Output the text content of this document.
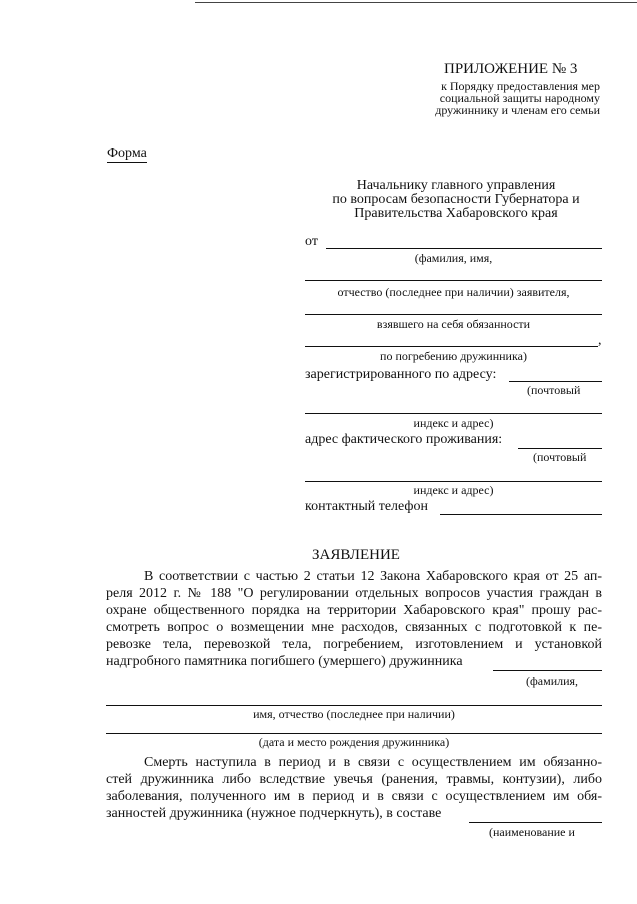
ПРИЛОЖЕНИЕ № 3
к Порядку предоставления мер
социальной защиты народному
дружиннику и членам его семьи
Форма
Начальнику главного управления
по вопросам безопасности Губернатора и
Правительства Хабаровского края
от
(фамилия, имя,
отчество (последнее при наличии) заявителя,
взявшего на себя обязанности
,
по погребению дружинника)
зарегистрированного по адресу:
(почтовый
индекс и адрес)
адрес фактического проживания:
(почтовый
индекс и адрес)
контактный телефон
ЗАЯВЛЕНИЕ
В соответствии с частью 2 статьи 12 Закона Хабаровского края от 25 ап-
реля 2012 г. № 188 "О регулировании отдельных вопросов участия граждан в
охране общественного порядка на территории Хабаровского края" прошу рас-
смотреть вопрос о возмещении мне расходов, связанных с подготовкой к пе-
ревозке тела, перевозкой тела, погребением, изготовлением и установкой
надгробного памятника погибшего (умершего) дружинника
(фамилия,
имя, отчество (последнее при наличии)
(дата и место рождения дружинника)
Смерть наступила в период и в связи с осуществлением им обязанно-
стей дружинника либо вследствие увечья (ранения, травмы, контузии), либо
заболевания, полученного им в период и в связи с осуществлением им обя-
занностей дружинника (нужное подчеркнуть), в составе
(наименование и
